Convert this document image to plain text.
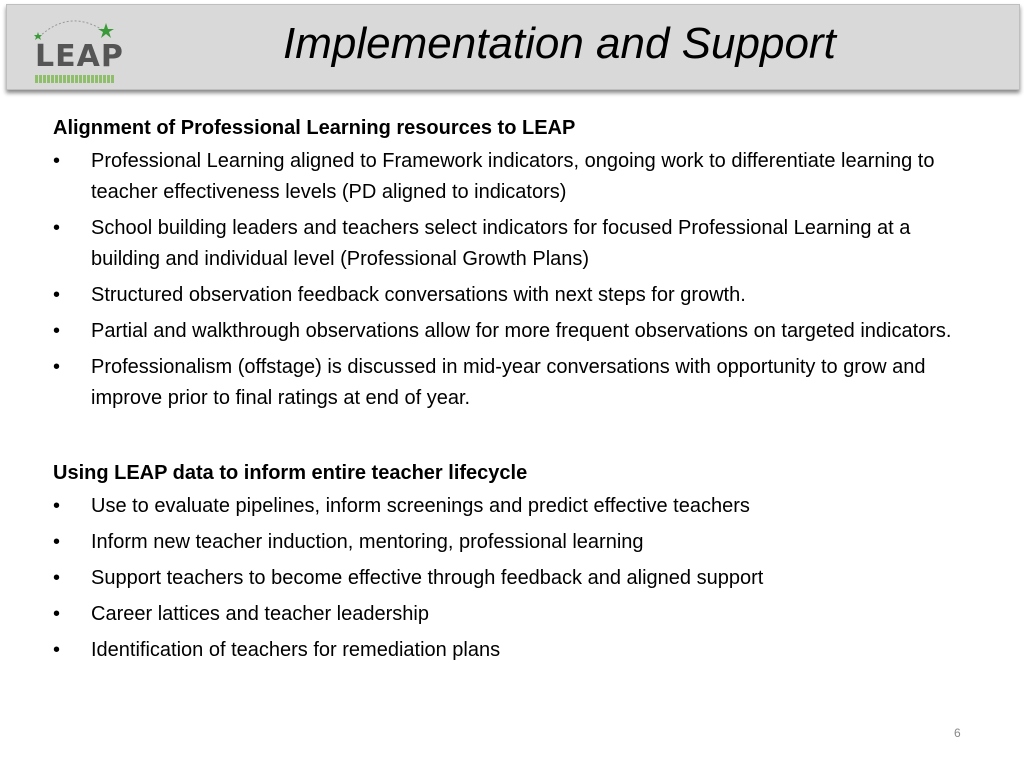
LEAP	Implementation and Support
Alignment of Professional Learning resources to LEAP
• Professional Learning aligned to Framework indicators, ongoing work to differentiate learning to teacher effectiveness levels (PD aligned to indicators)
• School building leaders and teachers select indicators for focused Professional Learning at a building and individual level (Professional Growth Plans)
• Structured observation feedback conversations with next steps for growth.
• Partial and walkthrough observations allow for more frequent observations on targeted indicators.
• Professionalism (offstage) is discussed in mid-year conversations with opportunity to grow and improve prior to final ratings at end of year.
Using LEAP data to inform entire teacher lifecycle
• Use to evaluate pipelines, inform screenings and predict effective teachers
• Inform new teacher induction, mentoring, professional learning
• Support teachers to become effective through feedback and aligned support
• Career lattices and teacher leadership
• Identification of teachers for remediation plans
6
